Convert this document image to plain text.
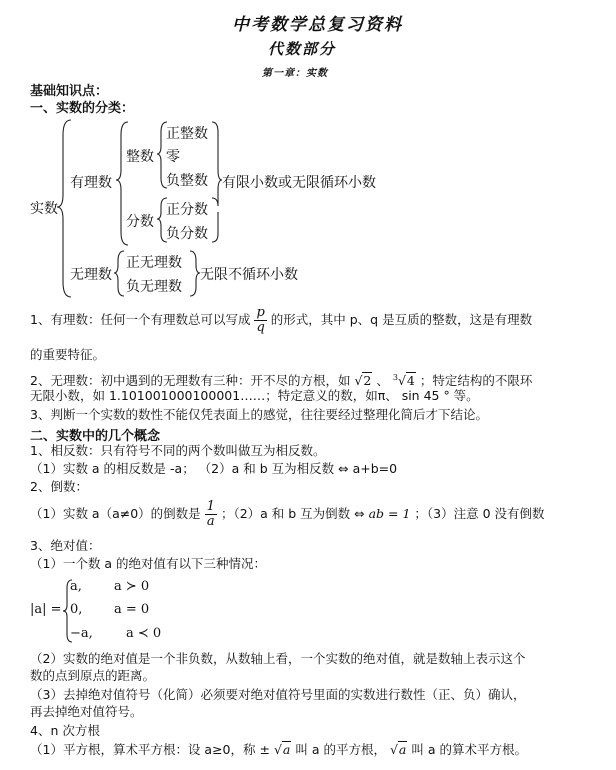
中考数学总复习资料
代数部分
第一章：实数
基础知识点：
一、实数的分类：
实数
有理数
整数
正整数
零
负整数 有限小数或无限循环小数
分数
正分数
负分数
无理数
正无理数
负无理数
无限不循环小数
1、有理数：任何一个有理数总可以写成 $\frac{p}{q}$ 的形式，其中 p、q 是互质的整数，这是有理数
的重要特征。
2、无理数：初中遇到的无理数有三种：开不尽的方根，如 √2 、 $^3$√4 ；特定结构的不限环
无限小数，如 1.101001000100001……；特定意义的数，如π、 sin 45 ° 等。
3、判断一个实数的数性不能仅凭表面上的感觉，往往要经过整理化简后才下结论。
二、实数中的几个概念
1、相反数：只有符号不同的两个数叫做互为相反数。
（1）实数 a 的相反数是 -a； （2）a 和 b 互为相反数 ⇔ a+b=0
2、倒数：
（1）实数 a（a≠0）的倒数是 $\frac{1}{a}$ ；（2）a 和 b 互为倒数 ⇔ ab = 1 ；（3）注意 0 没有倒数
3、绝对值：
（1）一个数 a 的绝对值有以下三种情况：
|a| =
a, a ≻ 0
0, a = 0
−a,	a ≺ 0
（2）实数的绝对值是一个非负数，从数轴上看，一个实数的绝对值，就是数轴上表示这个
数的点到原点的距离。
（3）去掉绝对值符号（化简）必须要对绝对值符号里面的实数进行数性（正、负）确认，
再去掉绝对值符号。
4、n 次方根
（1）平方根，算术平方根：设 a≥0，称 ± √a 叫 a 的平方根， √a 叫 a 的算术平方根。
